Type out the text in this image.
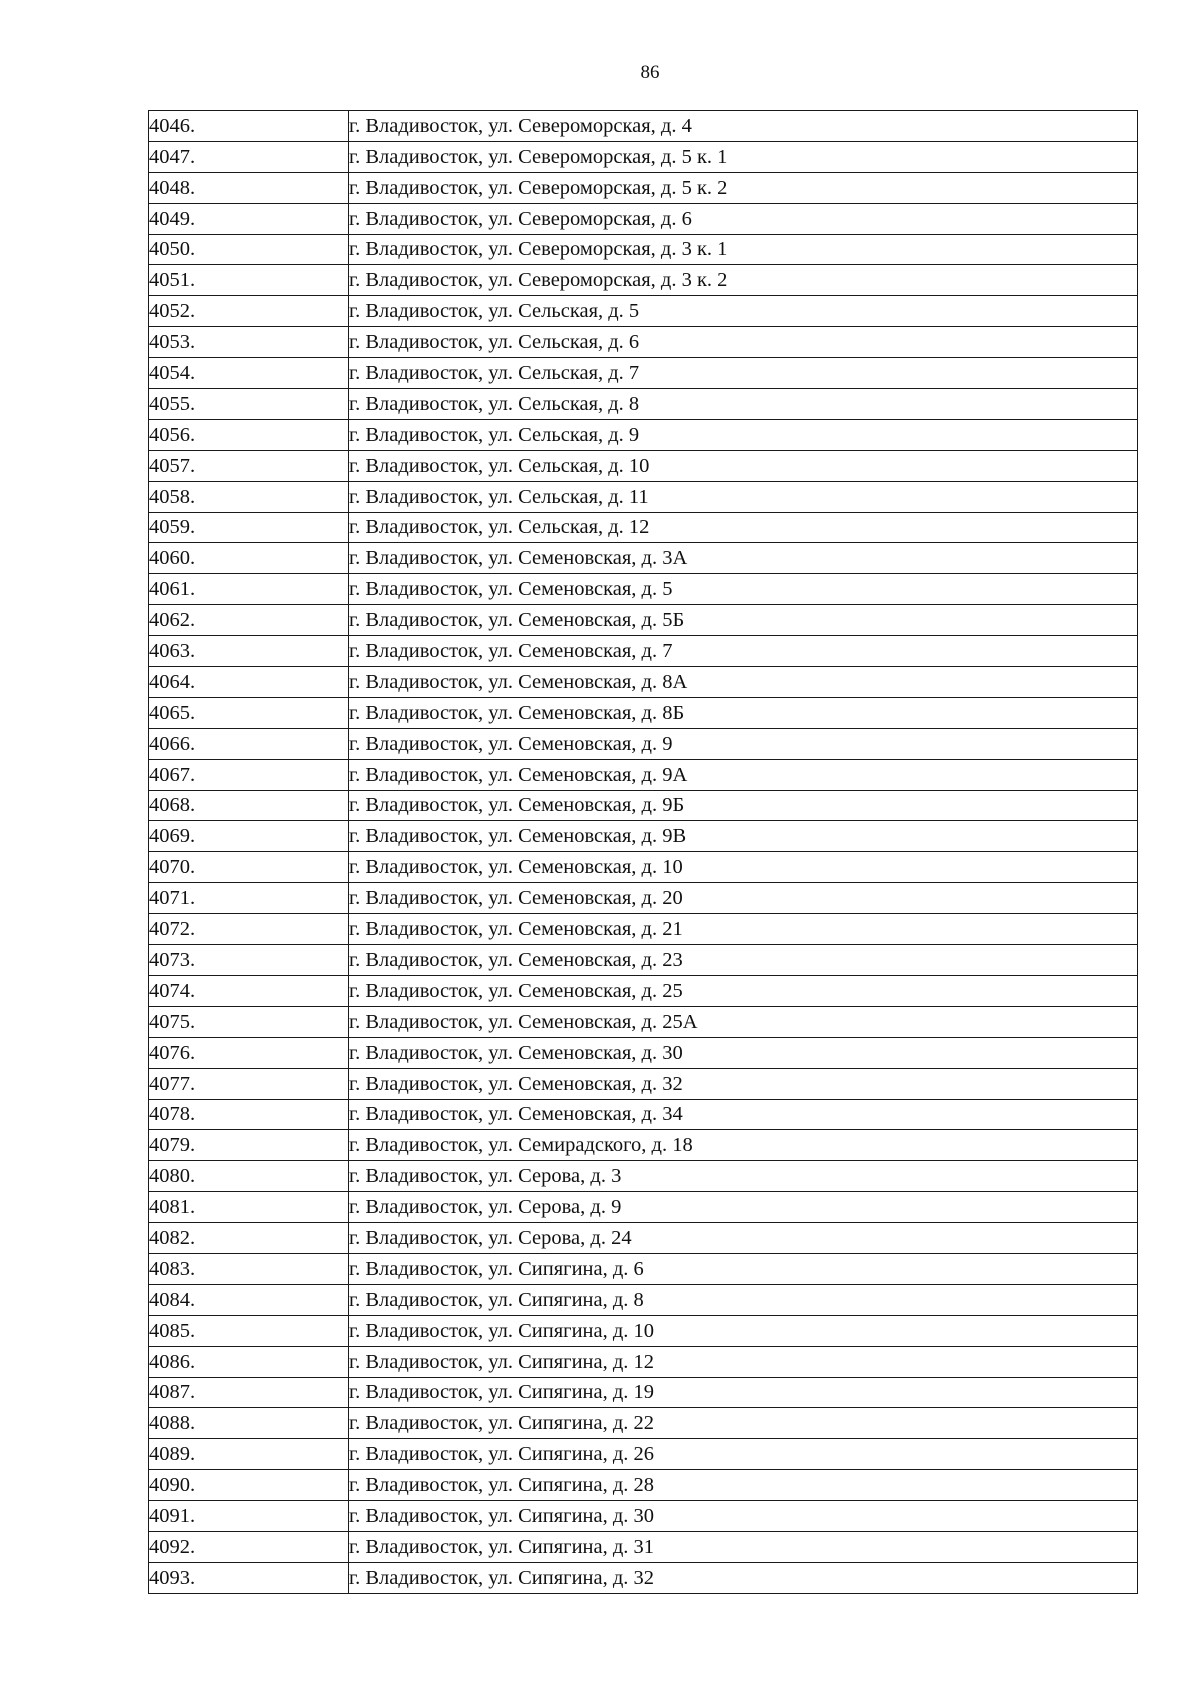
86
4046.	г. Владивосток, ул. Североморская, д. 4
4047.	г. Владивосток, ул. Североморская, д. 5 к. 1
4048.	г. Владивосток, ул. Североморская, д. 5 к. 2
4049.	г. Владивосток, ул. Североморская, д. 6
4050.	г. Владивосток, ул. Североморская, д. 3 к. 1
4051.	г. Владивосток, ул. Североморская, д. 3 к. 2
4052.	г. Владивосток, ул. Сельская, д. 5
4053.	г. Владивосток, ул. Сельская, д. 6
4054.	г. Владивосток, ул. Сельская, д. 7
4055.	г. Владивосток, ул. Сельская, д. 8
4056.	г. Владивосток, ул. Сельская, д. 9
4057.	г. Владивосток, ул. Сельская, д. 10
4058.	г. Владивосток, ул. Сельская, д. 11
4059.	г. Владивосток, ул. Сельская, д. 12
4060.	г. Владивосток, ул. Семеновская, д. 3А
4061.	г. Владивосток, ул. Семеновская, д. 5
4062.	г. Владивосток, ул. Семеновская, д. 5Б
4063.	г. Владивосток, ул. Семеновская, д. 7
4064.	г. Владивосток, ул. Семеновская, д. 8А
4065.	г. Владивосток, ул. Семеновская, д. 8Б
4066.	г. Владивосток, ул. Семеновская, д. 9
4067.	г. Владивосток, ул. Семеновская, д. 9А
4068.	г. Владивосток, ул. Семеновская, д. 9Б
4069.	г. Владивосток, ул. Семеновская, д. 9В
4070.	г. Владивосток, ул. Семеновская, д. 10
4071.	г. Владивосток, ул. Семеновская, д. 20
4072.	г. Владивосток, ул. Семеновская, д. 21
4073.	г. Владивосток, ул. Семеновская, д. 23
4074.	г. Владивосток, ул. Семеновская, д. 25
4075.	г. Владивосток, ул. Семеновская, д. 25А
4076.	г. Владивосток, ул. Семеновская, д. 30
4077.	г. Владивосток, ул. Семеновская, д. 32
4078.	г. Владивосток, ул. Семеновская, д. 34
4079.	г. Владивосток, ул. Семирадского, д. 18
4080.	г. Владивосток, ул. Серова, д. 3
4081.	г. Владивосток, ул. Серова, д. 9
4082.	г. Владивосток, ул. Серова, д. 24
4083.	г. Владивосток, ул. Сипягина, д. 6
4084.	г. Владивосток, ул. Сипягина, д. 8
4085.	г. Владивосток, ул. Сипягина, д. 10
4086.	г. Владивосток, ул. Сипягина, д. 12
4087.	г. Владивосток, ул. Сипягина, д. 19
4088.	г. Владивосток, ул. Сипягина, д. 22
4089.	г. Владивосток, ул. Сипягина, д. 26
4090.	г. Владивосток, ул. Сипягина, д. 28
4091.	г. Владивосток, ул. Сипягина, д. 30
4092.	г. Владивосток, ул. Сипягина, д. 31
4093.	г. Владивосток, ул. Сипягина, д. 32
